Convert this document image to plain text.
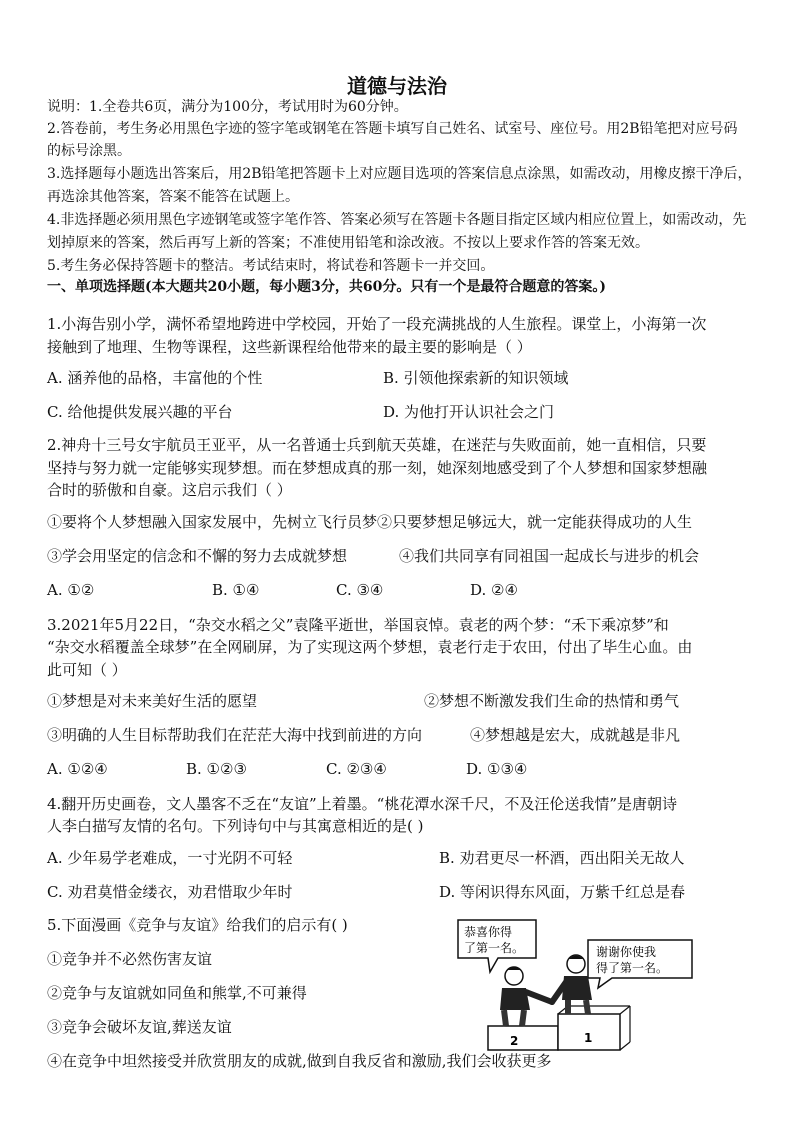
道德与法治
说明：1.全卷共6页，满分为100分，考试用时为60分钟。
2.答卷前，考生务必用黑色字迹的签字笔或钢笔在答题卡填写自己姓名、试室号、座位号。用2B铅笔把对应号码
的标号涂黑。
3.选择题每小题选出答案后，用2B铅笔把答题卡上对应题目选项的答案信息点涂黑，如需改动，用橡皮擦干净后，
再选涂其他答案，答案不能答在试题上。
4.非选择题必须用黑色字迹钢笔或签字笔作答、答案必须写在答题卡各题目指定区域内相应位置上，如需改动，先
划掉原来的答案，然后再写上新的答案；不准使用铅笔和涂改液。不按以上要求作答的答案无效。
5.考生务必保持答题卡的整洁。考试结束时，将试卷和答题卡一并交回。
一、单项选择题(本大题共20小题，每小题3分，共60分。只有一个是最符合题意的答案。)
1.小海告别小学，满怀希望地跨进中学校园，开始了一段充满挑战的人生旅程。课堂上，小海第一次
接触到了地理、生物等课程，这些新课程给他带来的最主要的影响是（ ）
A. 涵养他的品格，丰富他的个性	B. 引领他探索新的知识领域
C. 给他提供发展兴趣的平台	D. 为他打开认识社会之门
2.神舟十三号女宇航员王亚平，从一名普通士兵到航天英雄，在迷茫与失败面前，她一直相信，只要
坚持与努力就一定能够实现梦想。而在梦想成真的那一刻，她深刻地感受到了个人梦想和国家梦想融
合时的骄傲和自豪。这启示我们（ ）
①要将个人梦想融入国家发展中，先树立飞行员梦②只要梦想足够远大，就一定能获得成功的人生
③学会用坚定的信念和不懈的努力去成就梦想	④我们共同享有同祖国一起成长与进步的机会
A. ①②	B. ①④	C. ③④	D. ②④
3.2021年5月22日，“杂交水稻之父”袁隆平逝世，举国哀悼。袁老的两个梦：“禾下乘凉梦”和
“杂交水稻覆盖全球梦”在全网刷屏，为了实现这两个梦想，袁老行走于农田，付出了毕生心血。由
此可知（ ）
①梦想是对未来美好生活的愿望	②梦想不断激发我们生命的热情和勇气
③明确的人生目标帮助我们在茫茫大海中找到前进的方向	④梦想越是宏大，成就越是非凡
A. ①②④	B. ①②③	C. ②③④	D. ①③④
4.翻开历史画卷，文人墨客不乏在“友谊”上着墨。“桃花潭水深千尺，不及汪伦送我情”是唐朝诗
人李白描写友情的名句。下列诗句中与其寓意相近的是( )
A. 少年易学老难成，一寸光阴不可轻	B. 劝君更尽一杯酒，西出阳关无故人
C. 劝君莫惜金缕衣，劝君惜取少年时	D. 等闲识得东风面，万紫千红总是春
5.下面漫画《竞争与友谊》给我们的启示有( )
①竞争并不必然伤害友谊
②竞争与友谊就如同鱼和熊掌,不可兼得
③竞争会破坏友谊,葬送友谊
④在竞争中坦然接受并欣赏朋友的成就,做到自我反省和激励,我们会收获更多
恭喜你得
了第一名。	谢谢你使我
得了第一名。
2	1
